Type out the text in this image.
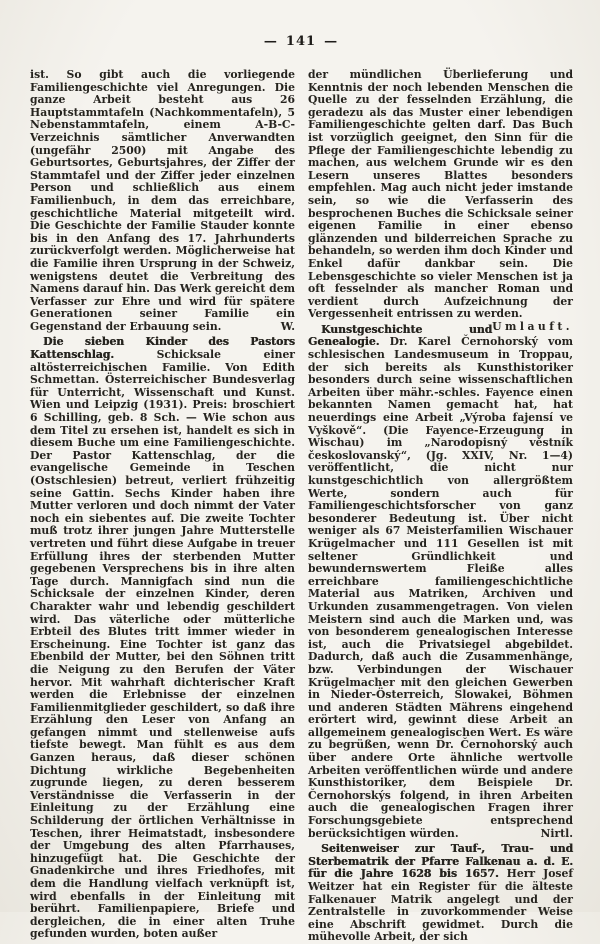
— 141 —

ist. So gibt auch die vorliegende Familiengeschichte viel Anregungen. Die ganze Arbeit besteht aus 26 Hauptstammtafeln (Nachkommentafeln), 5 Nebenstammtafeln, einem A-B-C-Verzeichnis sämtlicher Anverwandten (ungefähr 2500) mit Angabe des Geburtsortes, Geburtsjahres, der Ziffer der Stammtafel und der Ziffer jeder einzelnen Person und schließlich aus einem Familienbuch, in dem das erreichbare, geschichtliche Material mitgeteilt wird. Die Geschichte der Familie Stauder konnte bis in den Anfang des 17. Jahrhunderts zurückverfolgt werden. Möglicherweise hat die Familie ihren Ursprung in der Schweiz, wenigstens deutet die Verbreitung des Namens darauf hin. Das Werk gereicht dem Verfasser zur Ehre und wird für spätere Generationen seiner Familie ein Gegenstand der Erbauung sein.	W.

Die sieben Kinder des Pastors Kattenschlag.	Schicksale einer altösterreichischen Familie. Von Edith Schmettan. Österreichischer Bundesverlag für Unterricht, Wissenschaft und Kunst. Wien und Leipzig (1931). Preis: broschiert 6 Schilling, geb. 8 Sch. — Wie schon aus dem Titel zu ersehen ist, handelt es sich in diesem Buche um eine Familiengeschichte. Der Pastor Kattenschlag, der die evangelische Gemeinde in Teschen (Ostschlesien) betreut, verliert frühzeitig seine Gattin. Sechs Kinder haben ihre Mutter verloren und doch nimmt der Vater noch ein siebentes auf. Die zweite Tochter muß trotz ihrer jungen Jahre Mutterstelle vertreten und führt diese Aufgabe in treuer Erfüllung ihres der sterbenden Mutter gegebenen Versprechens bis in ihre alten Tage durch. Mannigfach sind nun die Schicksale der einzelnen Kinder, deren Charakter wahr und lebendig geschildert wird. Das väterliche oder mütterliche Erbteil des Blutes tritt immer wieder in Erscheinung. Eine Tochter ist ganz das Ebenbild der Mutter, bei den Söhnen tritt die Neigung zu den Berufen der Väter hervor. Mit wahrhaft dichterischer Kraft werden die Erlebnisse der einzelnen Familienmitglieder geschildert, so daß ihre Erzählung den Leser von Anfang an gefangen nimmt und stellenweise aufs tiefste bewegt. Man fühlt es aus dem Ganzen heraus, daß dieser schönen Dichtung wirkliche Begebenheiten zugrunde liegen, zu deren besserem Verständnisse die Verfasserin in der Einleitung zu der Erzählung eine Schilderung der örtlichen Verhältnisse in Teschen, ihrer Heimatstadt, insbesondere der Umgebung des alten Pfarrhauses, hinzugefügt hat. Die Geschichte der Gnadenkirche und ihres Friedhofes, mit dem die Handlung vielfach verknüpft ist, wird ebenfalls in der Einleitung mit berührt. Familienpapiere, Briefe und dergleichen, die in einer alten Truhe gefunden wurden, boten außer

der mündlichen Überlieferung und Kenntnis der noch lebenden Menschen die Quelle zu der fesselnden Erzählung, die geradezu als das Muster einer lebendigen Familiengeschichte gelten darf. Das Buch ist vorzüglich geeignet, den Sinn für die Pflege der Familiengeschichte lebendig zu machen, aus welchem Grunde wir es den Lesern unseres Blattes besonders empfehlen. Mag auch nicht jeder imstande sein, so wie die Verfasserin des besprochenen Buches die Schicksale seiner eigenen Familie in einer ebenso glänzenden und bilderreichen Sprache zu behandeln, so werden ihm doch Kinder und Enkel dafür dankbar sein. Die Lebensgeschichte so vieler Menschen ist ja oft fesselnder als mancher Roman und verdient durch Aufzeichnung der Vergessenheit entrissen zu werden.
Umlauft.

Kunstgeschichte und Genealogie. Dr. Karel Černohorský vom schlesischen Landesmuseum in Troppau, der sich bereits als Kunsthistoriker besonders durch seine wissenschaftlichen Arbeiten über mähr.-schles. Fayence einen bekannten Namen gemacht hat, hat neuerdings eine Arbeit „Výroba fajensí ve Vyškově“. (Die Fayence-Erzeugung in Wischau) im „Narodopisný věstník českoslovanský“, (Jg. XXIV, Nr. 1—4) veröffentlicht, die nicht nur kunstgeschichtlich von allergrößtem Werte, sondern auch für Familiengeschichtsforscher von ganz besonderer Bedeutung ist. Über nicht weniger als 67 Meisterfamilien Wischauer Krügelmacher und 111 Gesellen ist mit seltener Gründlichkeit und bewundernswertem Fleiße alles erreichbare familiengeschichtliche Material aus Matriken, Archiven und Urkunden zusammengetragen. Von vielen Meistern sind auch die Marken und, was von besonderem genealogischen Interesse ist, auch die Privatsiegel abgebildet. Dadurch, daß auch die Zusammenhänge, bzw. Verbindungen der Wischauer Krügelmacher mit den gleichen Gewerben in Nieder-Österreich, Slowakei, Böhmen und anderen Städten Mährens eingehend erörtert wird, gewinnt diese Arbeit an allgemeinem genealogischen Wert. Es wäre zu begrüßen, wenn Dr. Černohorský auch über andere Orte ähnliche wertvolle Arbeiten veröffentlichen würde und andere Kunsthistoriker, dem Beispiele Dr. Černohorskýs folgend, in ihren Arbeiten auch die genealogischen Fragen ihrer Forschungsgebiete entsprechend berücksichtigen würden.	Nirtl.

Seitenweiser zur Tauf-, Trau- und Sterbematrik der Pfarre Falkenau a. d. E. für die Jahre 1628 bis 1657. Herr Josef Weitzer hat ein Register für die älteste Falkenauer Matrik angelegt und der Zentralstelle in zuvorkommender Weise eine Abschrift gewidmet. Durch die mühevolle Arbeit, der sich
